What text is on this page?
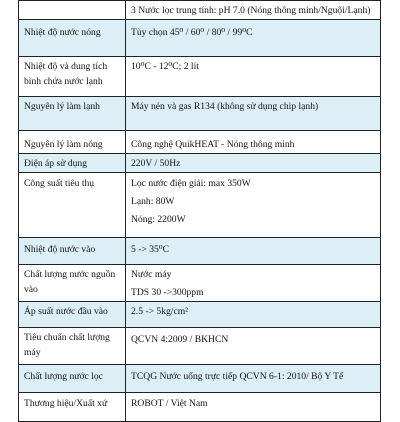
	3 Nước lọc trung tính: pH 7.0 (Nóng thông minh/Nguội/Lạnh)

Nhiệt độ nước nóng	Tùy chọn 45⁰ / 60⁰ / 80⁰ / 99⁰C

Nhiệt độ và dung tích bình chứa nước lạnh	10⁰C - 12⁰C; 2 lít

Nguyên lý làm lạnh	Máy nén và gas R134 (không sử dụng chip lạnh)

Nguyên lý làm nóng	Công nghệ QuikHEAT - Nóng thông minh

Điện áp sử dụng	220V / 50Hz

Công suất tiêu thụ	Lọc nước điện giải: max 350W
Lạnh: 80W
Nóng: 2200W

Nhiệt độ nước vào	5 -> 35⁰C

Chất lượng nước nguồn vào	Nước máy
TDS 30 ->300ppm

Áp suất nước đầu vào	2.5 -> 5kg/cm²

Tiêu chuẩn chất lượng máy	QCVN 4:2009 / BKHCN

Chất lượng nước lọc	TCQG Nước uống trực tiếp QCVN 6-1: 2010/ Bộ Y Tế

Thương hiệu/Xuất xứ	ROBOT / Việt Nam
